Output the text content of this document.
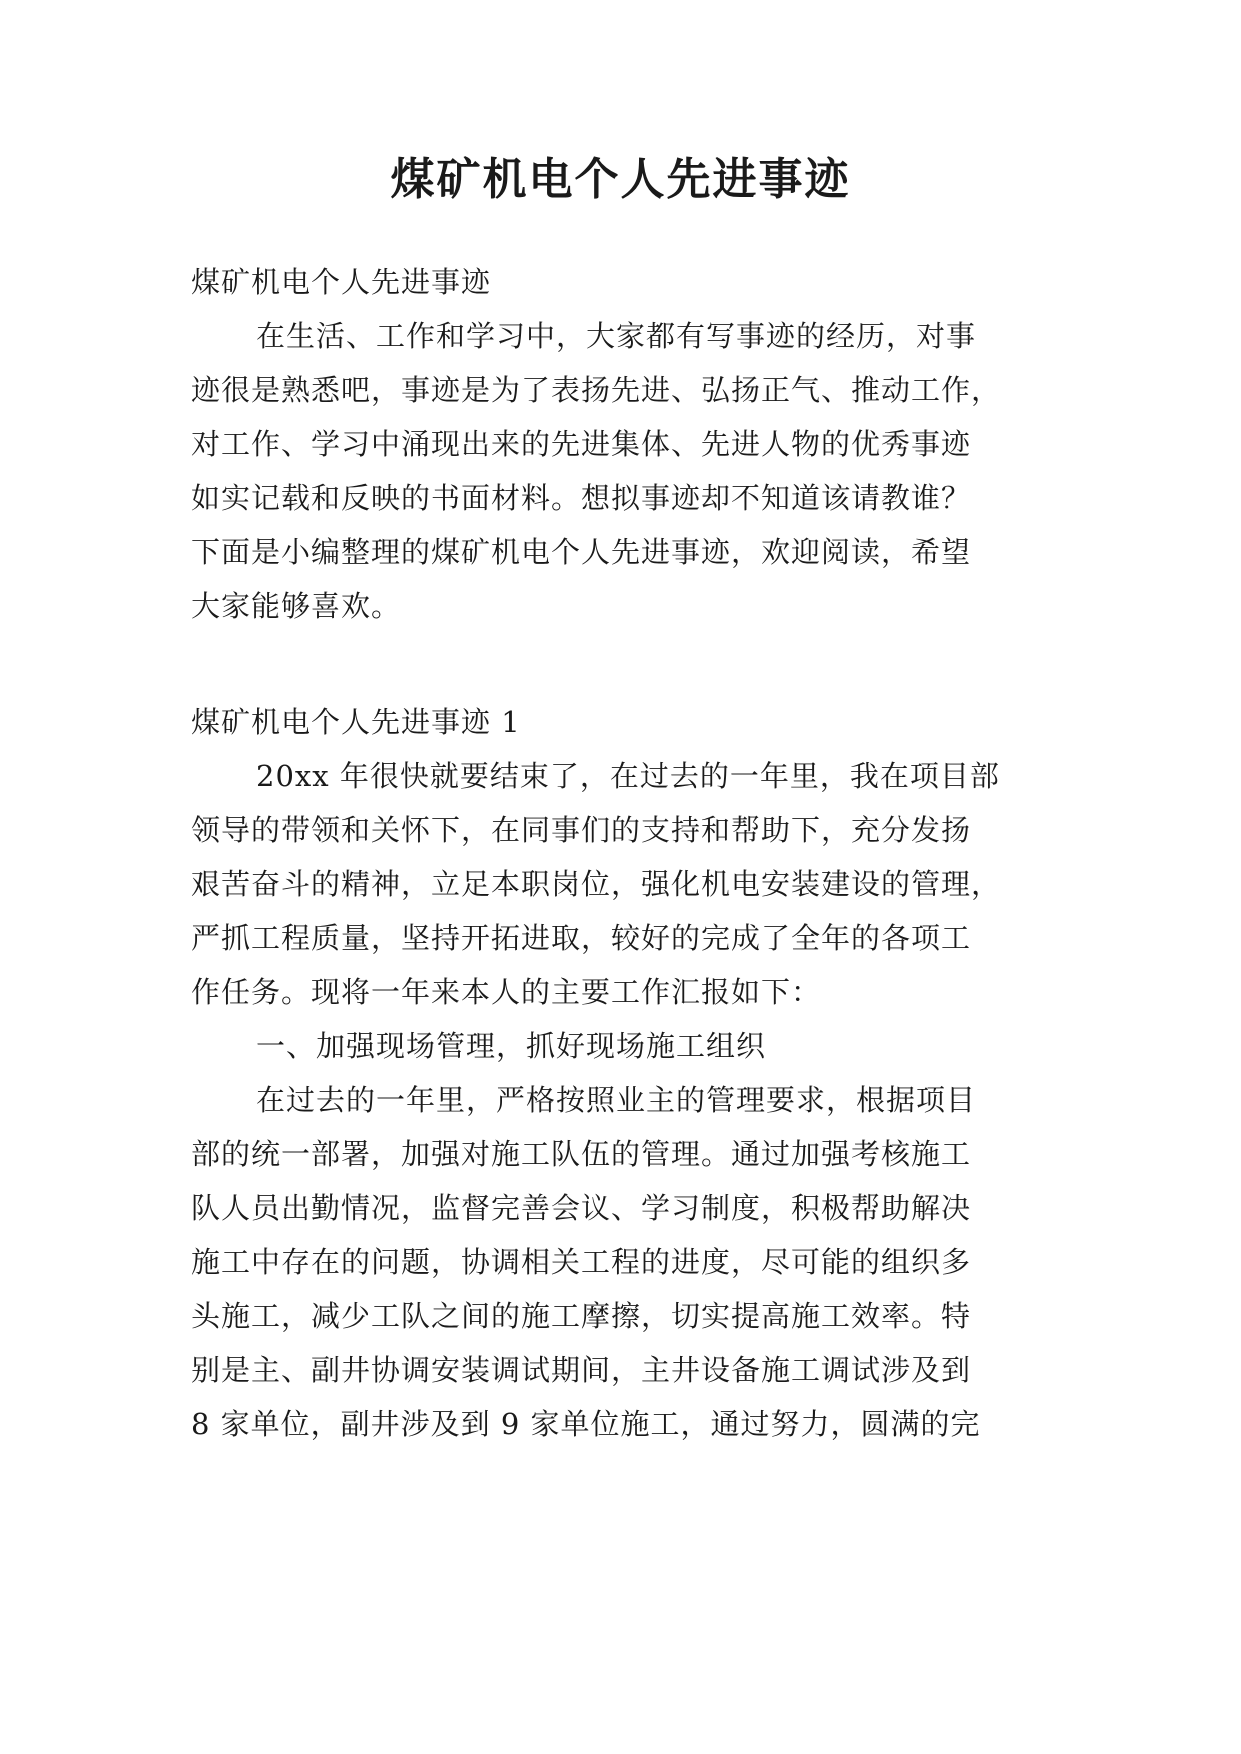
煤矿机电个人先进事迹

煤矿机电个人先进事迹

在生活、工作和学习中，大家都有写事迹的经历，对事

迹很是熟悉吧，事迹是为了表扬先进、弘扬正气、推动工作，

对工作、学习中涌现出来的先进集体、先进人物的优秀事迹

如实记载和反映的书面材料。想拟事迹却不知道该请教谁？

下面是小编整理的煤矿机电个人先进事迹，欢迎阅读，希望

大家能够喜欢。

煤矿机电个人先进事迹 1

20xx 年很快就要结束了，在过去的一年里，我在项目部

领导的带领和关怀下，在同事们的支持和帮助下，充分发扬

艰苦奋斗的精神，立足本职岗位，强化机电安装建设的管理，

严抓工程质量，坚持开拓进取，较好的完成了全年的各项工

作任务。现将一年来本人的主要工作汇报如下：

一、加强现场管理，抓好现场施工组织

在过去的一年里，严格按照业主的管理要求，根据项目

部的统一部署，加强对施工队伍的管理。通过加强考核施工

队人员出勤情况，监督完善会议、学习制度，积极帮助解决

施工中存在的问题，协调相关工程的进度，尽可能的组织多

头施工，减少工队之间的施工摩擦，切实提高施工效率。特

别是主、副井协调安装调试期间，主井设备施工调试涉及到

8 家单位，副井涉及到 9 家单位施工，通过努力，圆满的完
